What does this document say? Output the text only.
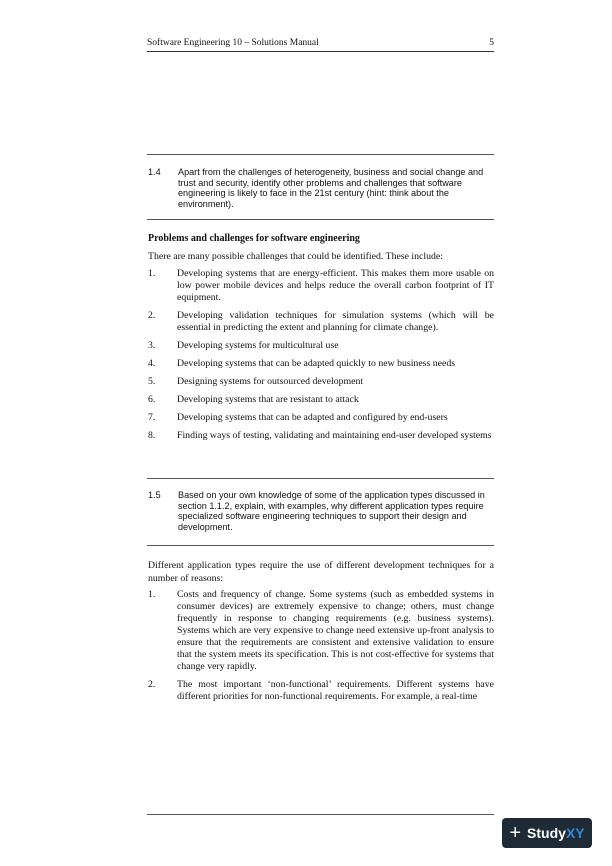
Software Engineering 10 – Solutions Manual	5
1.4	Apart from the challenges of heterogeneity, business and social change and trust and security, identify other problems and challenges that software engineering is likely to face in the 21st century (hint: think about the environment).
Problems and challenges for software engineering
There are many possible challenges that could be identified. These include:
1.	Developing systems that are energy-efficient. This makes them more usable on low power mobile devices and helps reduce the overall carbon footprint of IT equipment.
2.	Developing validation techniques for simulation systems (which will be essential in predicting the extent and planning for climate change).
3.	Developing systems for multicultural use
4.	Developing systems that can be adapted quickly to new business needs
5.	Designing systems for outsourced development
6.	Developing systems that are resistant to attack
7.	Developing systems that can be adapted and configured by end-users
8.	Finding ways of testing, validating and maintaining end-user developed systems
1.5	Based on your own knowledge of some of the application types discussed in section 1.1.2, explain, with examples, why different application types require specialized software engineering techniques to support their design and development.
Different application types require the use of different development techniques for a number of reasons:
1.	Costs and frequency of change. Some systems (such as embedded systems in consumer devices) are extremely expensive to change; others, must change frequently in response to changing requirements (e.g. business systems). Systems which are very expensive to change need extensive up-front analysis to ensure that the requirements are consistent and extensive validation to ensure that the system meets its specification. This is not cost-effective for systems that change very rapidly.
2.	The most important ‘non-functional’ requirements. Different systems have different priorities for non-functional requirements. For example, a real-time
+ Study XY
